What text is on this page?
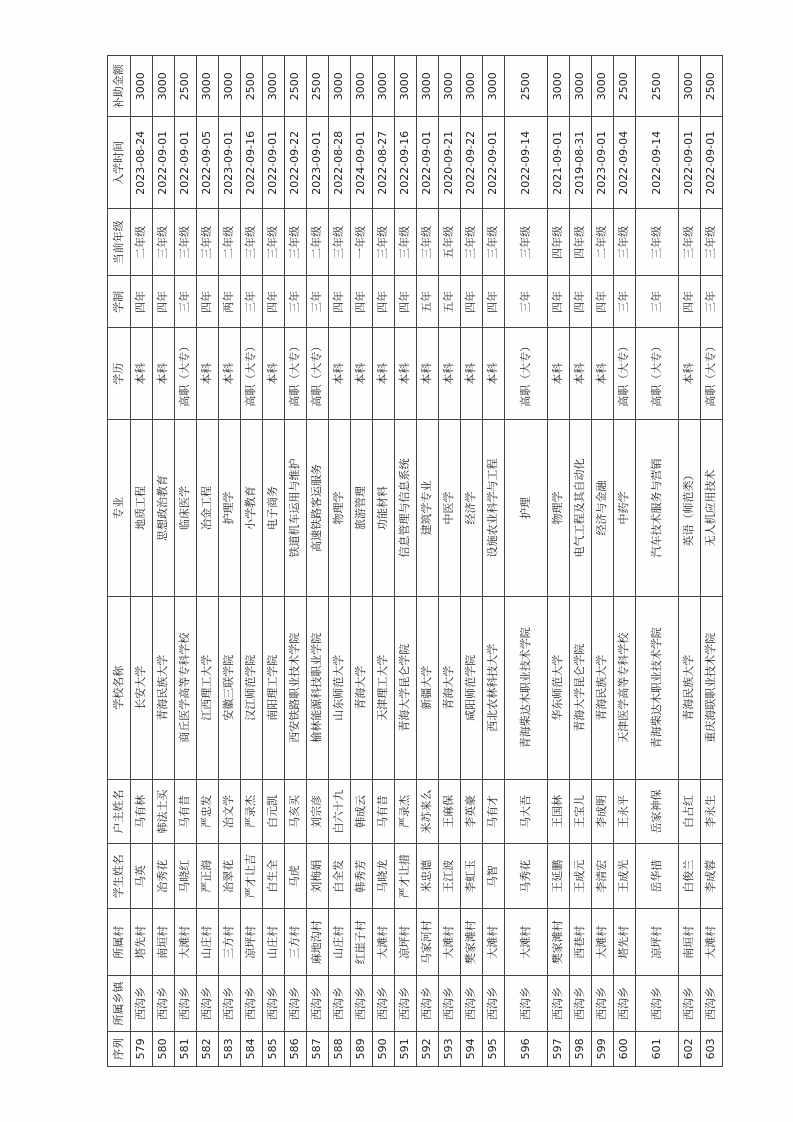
序列	所属乡镇	所属村	学生姓名	户主姓名	学校名称	专业	学历	学制	当前年级	入学时间	补助金额
579	西沟乡	塔先村	马英	马有林	长安大学	地质工程	本科	四年	二年级	2023-08-24	3000
580	西沟乡	南垣村	冶秀花	韩法土买	青海民族大学	思想政治教育	本科	四年	三年级	2022-09-01	3000
581	西沟乡	大滩村	马晓红	马有昔	商丘医学高等专科学校	临床医学	高职（大专）	三年	三年级	2022-09-01	2500
582	西沟乡	山庄村	严正海	严忠发	江西理工大学	冶金工程	本科	四年	三年级	2022-09-05	3000
583	西沟乡	三方村	冶翠花	冶文学	安徽三联学院	护理学	本科	两年	二年级	2023-09-01	3000
584	西沟乡	凉坪村	严才让吉	严录杰	汉江师范学院	小学教育	高职（大专）	三年	三年级	2022-09-16	2500
585	西沟乡	山庄村	白生全	白元凯	南阳理工学院	电子商务	本科	四年	三年级	2022-09-01	3000
586	西沟乡	三方村	马虎	马亥买	西安铁路职业技术学院	铁道机车运用与维护	高职（大专）	三年	三年级	2022-09-22	2500
587	西沟乡	麻地沟村	刘梅娟	刘宗彦	榆林能源科技职业学院	高速铁路客运服务	高职（大专）	三年	二年级	2023-09-01	2500
588	西沟乡	山庄村	白全发	白六十九	山东师范大学	物理学	本科	四年	三年级	2022-08-28	3000
589	西沟乡	红崖子村	韩秀芳	韩成云	青海大学	旅游管理	本科	四年	一年级	2024-09-01	3000
590	西沟乡	大滩村	马晓龙	马有昔	天津理工大学	功能材料	本科	四年	三年级	2022-08-27	3000
591	西沟乡	凉坪村	严才让措	严录杰	青海大学昆仑学院	信息管理与信息系统	本科	四年	三年级	2022-09-16	3000
592	西沟乡	马家河村	米忠德	米苏来么	新疆大学	建筑学专业	本科	五年	三年级	2022-09-01	3000
593	西沟乡	大滩村	王江波	王麻保	青海大学	中医学	本科	五年	五年级	2020-09-21	3000
594	西沟乡	樊家滩村	李虹玉	李英豪	咸阳师范学院	经济学	本科	四年	三年级	2022-09-22	3000
595	西沟乡	大滩村	马智	马有才	西北农林科技大学	设施农业科学与工程	本科	四年	三年级	2022-09-01	3000
596	西沟乡	大滩村	马秀花	马大吾	青海柴达木职业技术学院	护理	高职（大专）	三年	三年级	2022-09-14	2500
597	西沟乡	樊家滩村	王延鹏	王国林	华东师范大学	物理学	本科	四年	四年级	2021-09-01	3000
598	西沟乡	西巷村	王成元	王宝儿	青海大学昆仑学院	电气工程及其自动化	本科	四年	四年级	2019-08-31	3000
599	西沟乡	大滩村	李清宏	李成明	青海民族大学	经济与金融	本科	四年	二年级	2023-09-01	3000
600	西沟乡	塔先村	王成光	王永平	天津医学高等专科学校	中药学	高职（大专）	三年	三年级	2022-09-04	2500
601	西沟乡	凉坪村	岳华措	岳家神保	青海柴达木职业技术学院	汽车技术服务与营销	高职（大专）	三年	三年级	2022-09-14	2500
602	西沟乡	南垣村	白俊兰	白占红	青海民族大学	英语（师范类）	本科	四年	三年级	2022-09-01	3000
603	西沟乡	大滩村	李成蓉	李永生	重庆海联职业技术学院	无人机应用技术	高职（大专）	三年	三年级	2022-09-01	2500
